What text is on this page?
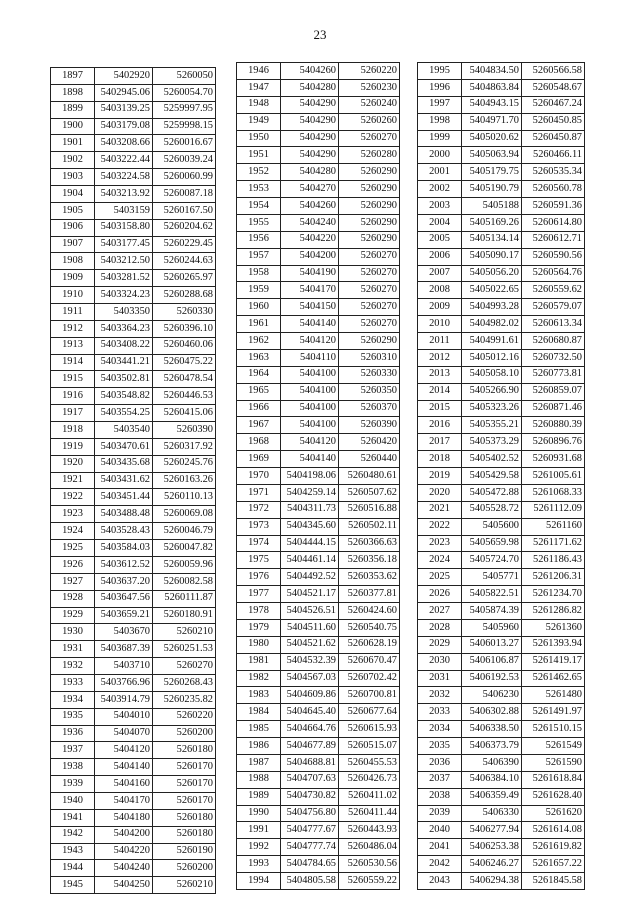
23
1897	5402920	5260050
1898	5402945.06	5260054.70
1899	5403139.25	5259997.95
1900	5403179.08	5259998.15
1901	5403208.66	5260016.67
1902	5403222.44	5260039.24
1903	5403224.58	5260060.99
1904	5403213.92	5260087.18
1905	5403159	5260167.50
1906	5403158.80	5260204.62
1907	5403177.45	5260229.45
1908	5403212.50	5260244.63
1909	5403281.52	5260265.97
1910	5403324.23	5260288.68
1911	5403350	5260330
1912	5403364.23	5260396.10
1913	5403408.22	5260460.06
1914	5403441.21	5260475.22
1915	5403502.81	5260478.54
1916	5403548.82	5260446.53
1917	5403554.25	5260415.06
1918	5403540	5260390
1919	5403470.61	5260317.92
1920	5403435.68	5260245.76
1921	5403431.62	5260163.26
1922	5403451.44	5260110.13
1923	5403488.48	5260069.08
1924	5403528.43	5260046.79
1925	5403584.03	5260047.82
1926	5403612.52	5260059.96
1927	5403637.20	5260082.58
1928	5403647.56	5260111.87
1929	5403659.21	5260180.91
1930	5403670	5260210
1931	5403687.39	5260251.53
1932	5403710	5260270
1933	5403766.96	5260268.43
1934	5403914.79	5260235.82
1935	5404010	5260220
1936	5404070	5260200
1937	5404120	5260180
1938	5404140	5260170
1939	5404160	5260170
1940	5404170	5260170
1941	5404180	5260180
1942	5404200	5260180
1943	5404220	5260190
1944	5404240	5260200
1945	5404250	5260210
1946	5404260	5260220
1947	5404280	5260230
1948	5404290	5260240
1949	5404290	5260260
1950	5404290	5260270
1951	5404290	5260280
1952	5404280	5260290
1953	5404270	5260290
1954	5404260	5260290
1955	5404240	5260290
1956	5404220	5260290
1957	5404200	5260270
1958	5404190	5260270
1959	5404170	5260270
1960	5404150	5260270
1961	5404140	5260270
1962	5404120	5260290
1963	5404110	5260310
1964	5404100	5260330
1965	5404100	5260350
1966	5404100	5260370
1967	5404100	5260390
1968	5404120	5260420
1969	5404140	5260440
1970	5404198.06	5260480.61
1971	5404259.14	5260507.62
1972	5404311.73	5260516.88
1973	5404345.60	5260502.11
1974	5404444.15	5260366.63
1975	5404461.14	5260356.18
1976	5404492.52	5260353.62
1977	5404521.17	5260377.81
1978	5404526.51	5260424.60
1979	5404511.60	5260540.75
1980	5404521.62	5260628.19
1981	5404532.39	5260670.47
1982	5404567.03	5260702.42
1983	5404609.86	5260700.81
1984	5404645.40	5260677.64
1985	5404664.76	5260615.93
1986	5404677.89	5260515.07
1987	5404688.81	5260455.53
1988	5404707.63	5260426.73
1989	5404730.82	5260411.02
1990	5404756.80	5260411.44
1991	5404777.67	5260443.93
1992	5404777.74	5260486.04
1993	5404784.65	5260530.56
1994	5404805.58	5260559.22
1995	5404834.50	5260566.58
1996	5404863.84	5260548.67
1997	5404943.15	5260467.24
1998	5404971.70	5260450.85
1999	5405020.62	5260450.87
2000	5405063.94	5260466.11
2001	5405179.75	5260535.34
2002	5405190.79	5260560.78
2003	5405188	5260591.36
2004	5405169.26	5260614.80
2005	5405134.14	5260612.71
2006	5405090.17	5260590.56
2007	5405056.20	5260564.76
2008	5405022.65	5260559.62
2009	5404993.28	5260579.07
2010	5404982.02	5260613.34
2011	5404991.61	5260680.87
2012	5405012.16	5260732.50
2013	5405058.10	5260773.81
2014	5405266.90	5260859.07
2015	5405323.26	5260871.46
2016	5405355.21	5260880.39
2017	5405373.29	5260896.76
2018	5405402.52	5260931.68
2019	5405429.58	5261005.61
2020	5405472.88	5261068.33
2021	5405528.72	5261112.09
2022	5405600	5261160
2023	5405659.98	5261171.62
2024	5405724.70	5261186.43
2025	5405771	5261206.31
2026	5405822.51	5261234.70
2027	5405874.39	5261286.82
2028	5405960	5261360
2029	5406013.27	5261393.94
2030	5406106.87	5261419.17
2031	5406192.53	5261462.65
2032	5406230	5261480
2033	5406302.88	5261491.97
2034	5406338.50	5261510.15
2035	5406373.79	5261549
2036	5406390	5261590
2037	5406384.10	5261618.84
2038	5406359.49	5261628.40
2039	5406330	5261620
2040	5406277.94	5261614.08
2041	5406253.38	5261619.82
2042	5406246.27	5261657.22
2043	5406294.38	5261845.58
